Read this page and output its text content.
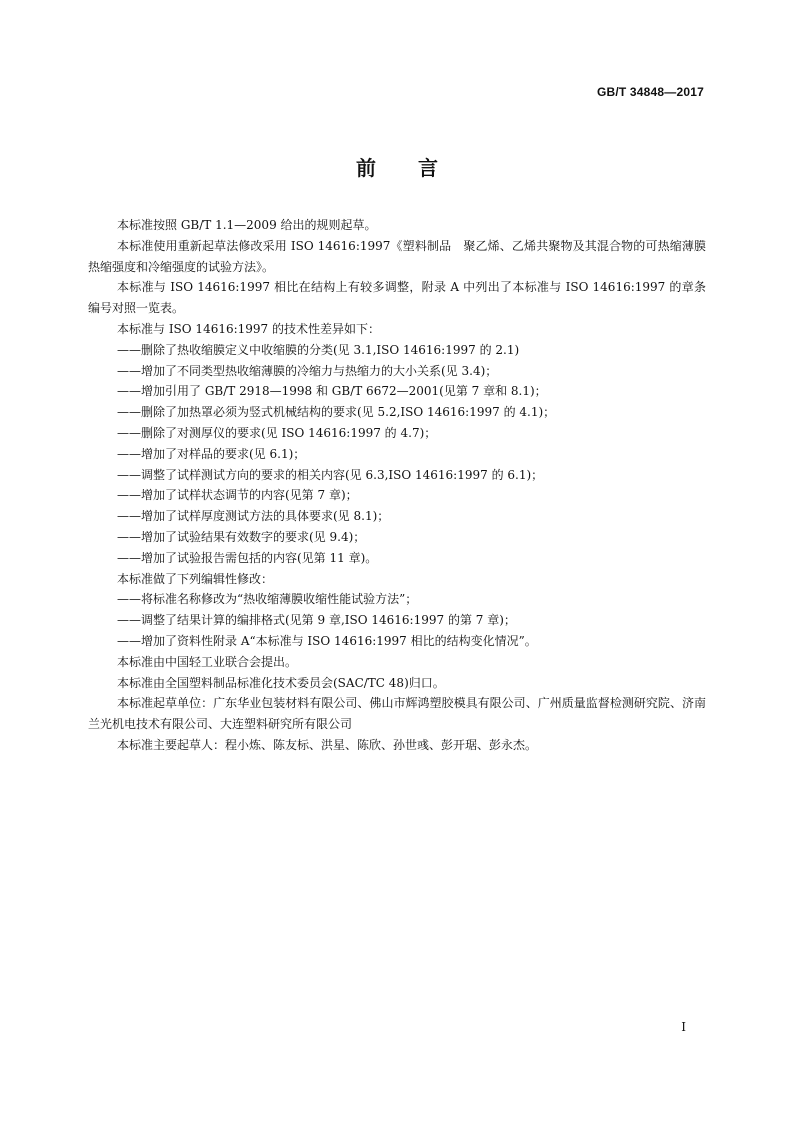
GB/T 34848—2017
前言

本标准按照 GB/T 1.1—2009 给出的规则起草。

本标准使用重新起草法修改采用 ISO 14616:1997《塑料制品　聚乙烯、乙烯共聚物及其混合物的可热缩薄膜　热缩强度和冷缩强度的试验方法》。

本标准与 ISO 14616:1997 相比在结构上有较多调整，附录 A 中列出了本标准与 ISO 14616:1997 的章条编号对照一览表。

本标准与 ISO 14616:1997 的技术性差异如下：

——删除了热收缩膜定义中收缩膜的分类(见 3.1,ISO 14616:1997 的 2.1)

——增加了不同类型热收缩薄膜的冷缩力与热缩力的大小关系(见 3.4)；

——增加引用了 GB/T 2918—1998 和 GB/T 6672—2001(见第 7 章和 8.1)；

——删除了加热罩必须为竖式机械结构的要求(见 5.2,ISO 14616:1997 的 4.1)；

——删除了对测厚仪的要求(见 ISO 14616:1997 的 4.7)；

——增加了对样品的要求(见 6.1)；

——调整了试样测试方向的要求的相关内容(见 6.3,ISO 14616:1997 的 6.1)；

——增加了试样状态调节的内容(见第 7 章)；

——增加了试样厚度测试方法的具体要求(见 8.1)；

——增加了试验结果有效数字的要求(见 9.4)；

——增加了试验报告需包括的内容(见第 11 章)。

本标准做了下列编辑性修改：

——将标准名称修改为“热收缩薄膜收缩性能试验方法”；

——调整了结果计算的编排格式(见第 9 章,ISO 14616:1997 的第 7 章)；

——增加了资料性附录 A“本标准与 ISO 14616:1997 相比的结构变化情况”。

本标准由中国轻工业联合会提出。

本标准由全国塑料制品标准化技术委员会(SAC/TC 48)归口。

本标准起草单位：广东华业包装材料有限公司、佛山市辉鸿塑胶模具有限公司、广州质量监督检测研究院、济南兰光机电技术有限公司、大连塑料研究所有限公司

本标准主要起草人：程小炼、陈友标、洪星、陈欣、孙世彧、彭开琚、彭永杰。

I
